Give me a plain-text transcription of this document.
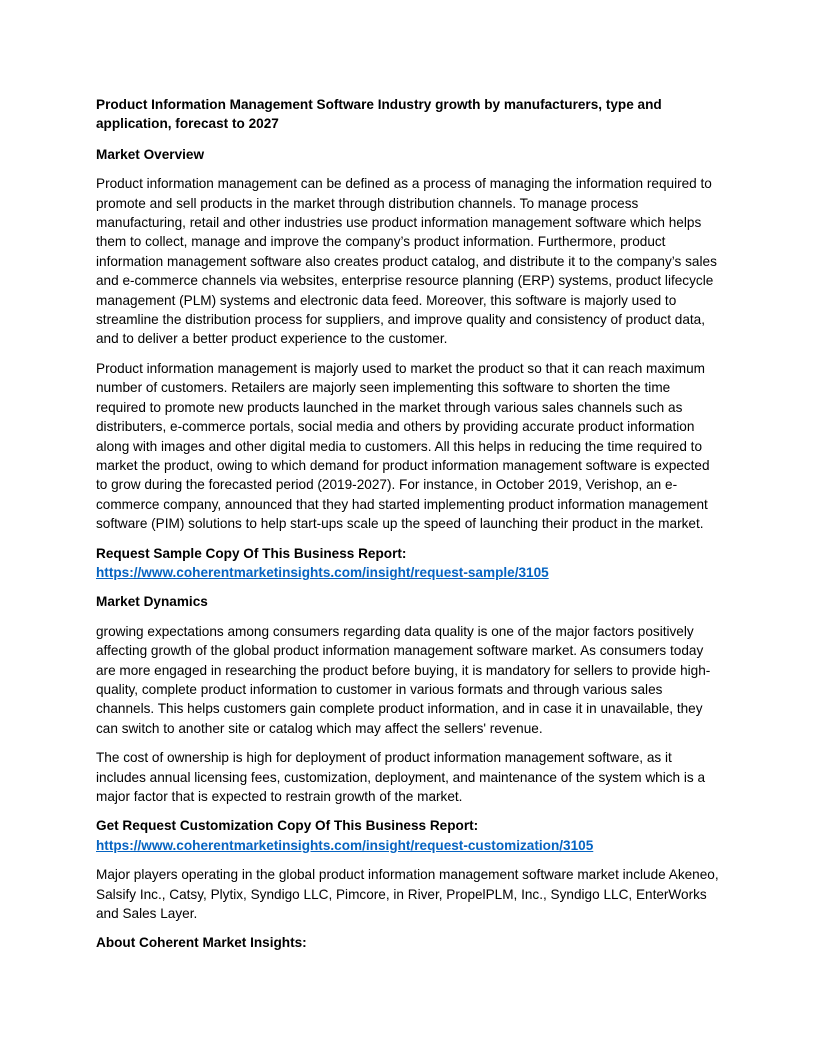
Product Information Management Software Industry growth by manufacturers, type and application, forecast to 2027

Market Overview

Product information management can be defined as a process of managing the information required to promote and sell products in the market through distribution channels. To manage process manufacturing, retail and other industries use product information management software which helps them to collect, manage and improve the company’s product information. Furthermore, product information management software also creates product catalog, and distribute it to the company’s sales and e-commerce channels via websites, enterprise resource planning (ERP) systems, product lifecycle management (PLM) systems and electronic data feed. Moreover, this software is majorly used to streamline the distribution process for suppliers, and improve quality and consistency of product data, and to deliver a better product experience to the customer.

Product information management is majorly used to market the product so that it can reach maximum number of customers. Retailers are majorly seen implementing this software to shorten the time required to promote new products launched in the market through various sales channels such as distributers, e-commerce portals, social media and others by providing accurate product information along with images and other digital media to customers. All this helps in reducing the time required to market the product, owing to which demand for product information management software is expected to grow during the forecasted period (2019-2027). For instance, in October 2019, Verishop, an e-commerce company, announced that they had started implementing product information management software (PIM) solutions to help start-ups scale up the speed of launching their product in the market.

Request Sample Copy Of This Business Report:
https://www.coherentmarketinsights.com/insight/request-sample/3105

Market Dynamics

growing expectations among consumers regarding data quality is one of the major factors positively affecting growth of the global product information management software market. As consumers today are more engaged in researching the product before buying, it is mandatory for sellers to provide high-quality, complete product information to customer in various formats and through various sales channels. This helps customers gain complete product information, and in case it in unavailable, they can switch to another site or catalog which may affect the sellers' revenue.

The cost of ownership is high for deployment of product information management software, as it includes annual licensing fees, customization, deployment, and maintenance of the system which is a major factor that is expected to restrain growth of the market.

Get Request Customization Copy Of This Business Report:
https://www.coherentmarketinsights.com/insight/request-customization/3105

Major players operating in the global product information management software market include Akeneo, Salsify Inc., Catsy, Plytix, Syndigo LLC, Pimcore, in River, PropelPLM, Inc., Syndigo LLC, EnterWorks and Sales Layer.

About Coherent Market Insights:
